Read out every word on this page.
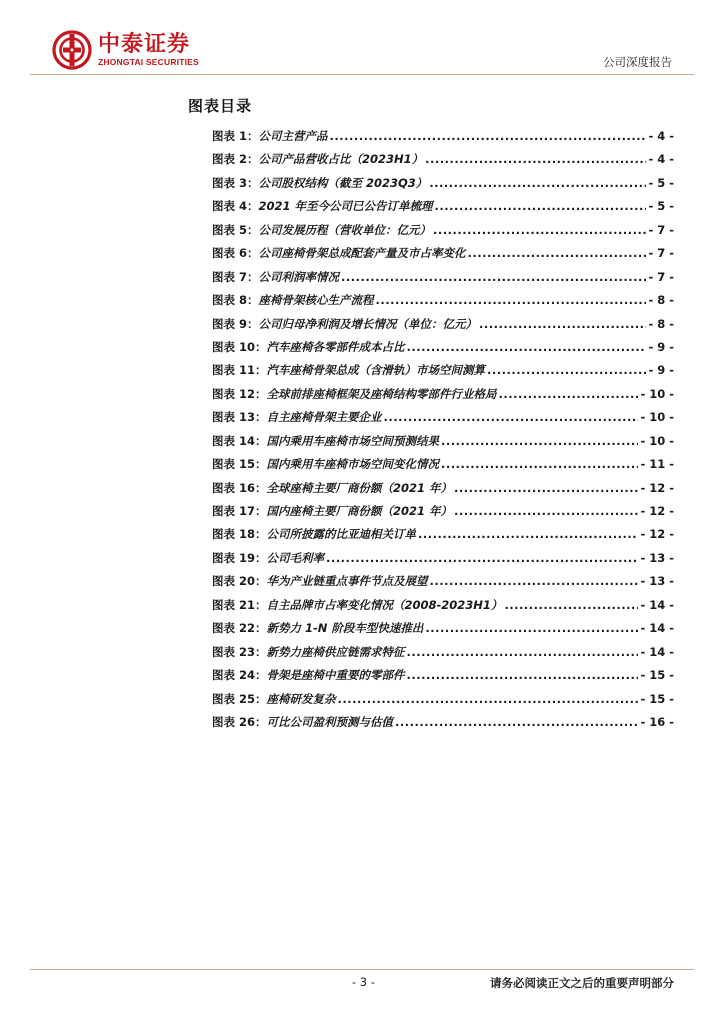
中泰证券
ZHONGTAI SECURITIES	公司深度报告
图表目录
图表 1 ： 公司主营产品 .....	- 4 -
图表 2 ： 公司产品营收占比（2023H1） .....	- 4 -
图表 3 ： 公司股权结构（截至 2023Q3） .....	- 5 -
图表 4 ： 2021 年至今公司已公告订单梳理 .....	- 5 -
图表 5 ： 公司发展历程（营收单位：亿元） .....	- 7 -
图表 6 ： 公司座椅骨架总成配套产量及市占率变化 .....	- 7 -
图表 7 ： 公司利润率情况 .....	- 7 -
图表 8 ： 座椅骨架核心生产流程 .....	- 8 -
图表 9 ： 公司归母净利润及增长情况（单位：亿元） .....	- 8 -
图表 10 ： 汽车座椅各零部件成本占比 .....	- 9 -
图表 11 ： 汽车座椅骨架总成（含滑轨）市场空间测算 .....	- 9 -
图表 12 ： 全球前排座椅框架及座椅结构零部件行业格局 .....	- 10 -
图表 13 ： 自主座椅骨架主要企业 .....	- 10 -
图表 14 ： 国内乘用车座椅市场空间预测结果 .....	- 10 -
图表 15 ： 国内乘用车座椅市场空间变化情况 .....	- 11 -
图表 16 ： 全球座椅主要厂商份额（2021 年） .....	- 12 -
图表 17 ： 国内座椅主要厂商份额（2021 年） .....	- 12 -
图表 18 ： 公司所披露的比亚迪相关订单 .....	- 12 -
图表 19 ： 公司毛利率 .....	- 13 -
图表 20 ： 华为产业链重点事件节点及展望 .....	- 13 -
图表 21 ： 自主品牌市占率变化情况（2008-2023H1） .....	- 14 -
图表 22 ： 新势力 1-N 阶段车型快速推出 .....	- 14 -
图表 23 ： 新势力座椅供应链需求特征 .....	- 14 -
图表 24 ： 骨架是座椅中重要的零部件 .....	- 15 -
图表 25 ： 座椅研发复杂 .....	- 15 -
图表 26 ： 可比公司盈利预测与估值 .....	- 16 -
- 3 -	请务必阅读正文之后的重要声明部分
